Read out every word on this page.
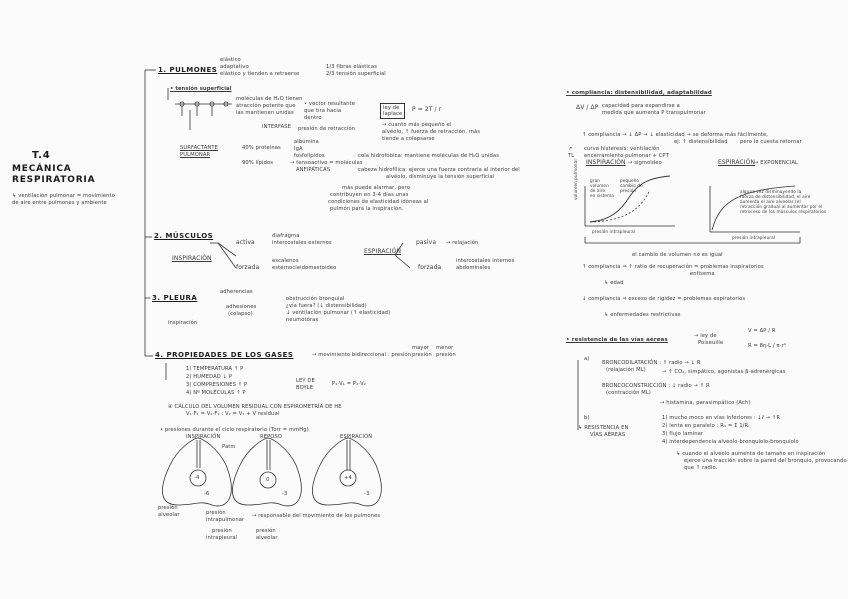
T.4
MECÁNICA
RESPIRATORIA
↳ ventilación pulmonar = movimiento
de aire entre pulmones y ambiente
1. PULMONES
elástico
adaptativo
elástico y tienden a retraerse
1/3 fibras elásticas
2/3 tensión superficial
• tensión superficial
moléculas de H₂O tienen
atracción potente que
las mantienen unidas
INTERFASE
• vector resultante
que tira hacia
dentro
presión de retracción
ley de
laplace
P = 2T / r
→ cuanto más pequeño el
alvéolo, ↑ fuerza de retracción, más
tiende a colapsarse
SURFACTANTE
PULMONAR
40% proteínas
90% lípidos
albúmina
IgA
fosfolípidos
→ tensoactivo = moléculas
ANFIPÁTICAS
cola hidrofóbica: mantiene moléculas de H₂O unidas
cabeza hidrofílica: ejerce una fuerza contraria al interior del
alvéolo, disminuye la tensión superficial
más puede alarmar, pero
contribuyen en 3-4 días unas
condiciones de elasticidad idóneas al
pulmón para la inspiración.
2. MÚSCULOS
INSPIRACIÓN
activa
diafragma
intercostales externos
forzada
escalenos
esternocleidomastoideo
ESPIRACIÓN
pasiva → relajación
forzada
intercostales internos
abdominales
3. PLEURA
adherencias
adhesiones
(colapso)
inspiración
obstrucción bronquial
¿vía fuera? (↓ distensibilidad)
↓ ventilación pulmonar (↑ elasticidad)
neumotórax
4. PROPIEDADES DE LOS GASES	→ movimiento bidireccional : presión
mayor
presión
menor
presión
1) TEMPERATURA ↑ P
2) HUMEDAD ↓ P
3) COMPRESIONES ↑ P
4) Nº MOLÉCULAS ↑ P
LEY DE
BOYLE
P₁·V₁ = P₂·V₂
④ CÁLCULO DEL VOLUMEN RESIDUAL CON ESPIROMETRÍA DE HE
V₁·F₁ = V₂·F₂ ; V₂ = V₁ + V residual
• presiones durante el ciclo respiratorio (Torr = mmHg)
INSPIRACIÓN	REPOSO	ESPIRACIÓN
Patm
-4
-6
0
-3
+4
-3
presión
alveolar	presión
intrapulmonar
→ responsable del movimiento de los pulmones
presión
intrapleural
presión
alveolar
• compliancia: distensibilidad, adaptabilidad
ΔV / ΔP capacidad para expandirse a
medida que aumenta P transpulmonar
↑ compliancia → ↓ ΔP → ↓ elasticidad → se deforma más fácilmente,
pero le cuesta retornar
ej: ↑ distensibilidad
↗
TL
curva histeresis: ventilación
encerramiento pulmonar + CPT
INSPIRACIÓN → sigmoideo	ESPIRACIÓN
→ EXPONENCIAL
gran
volumen
de aire
en sistema
pequeño
cambio de
presión
presión intrapleural
volumen pulmonar	alguna vez disminuyendo la
fuerza de distensibilidad, el aire
aumenta el aire alveolar (el
retracción gradual al aumentar por el
retroceso de los músculos respiratorios
presión intrapleural
el cambio de volumen no es igual
↑ compliancia ⇒ ↑ ratio de recuperación = problemas inspiratorios
enfisema
↳ edad
↓ compliancia ⇒ exceso de rigidez = problemas espiratorios
↳ enfermedades restrictivas
• resistencia de las vías aéreas
→ ley de
Poiseuille
V = ΔP / R
R = 8η·L / π·r⁴
a)
BRONCODILATACIÓN : ↑ radio → ↓ R
(relajación ML)	→ ↑ CO₂, simpático, agonistas β-adrenérgicas
BRONCOCONSTRICCIÓN : ↓ radio → ↑ R
(contracción ML)
→ histamina, parasimpático (Ach)
b)
↳ RESISTENCIA EN
VÍAS AÉREAS
1) mucho moco en vías inferiores : ↓ℓ → ↑R
2) lenta en paralelo : R₁ = Σ 1/Rᵢ
3) flujo laminar
4) interdependencia alvéolo-bronquiolo-bronquiolo
↳ cuando el alvéolo aumenta de tamaño en inspiración
ejerce una tracción sobre la pared del bronquio, provocando
que ↑ radio.
